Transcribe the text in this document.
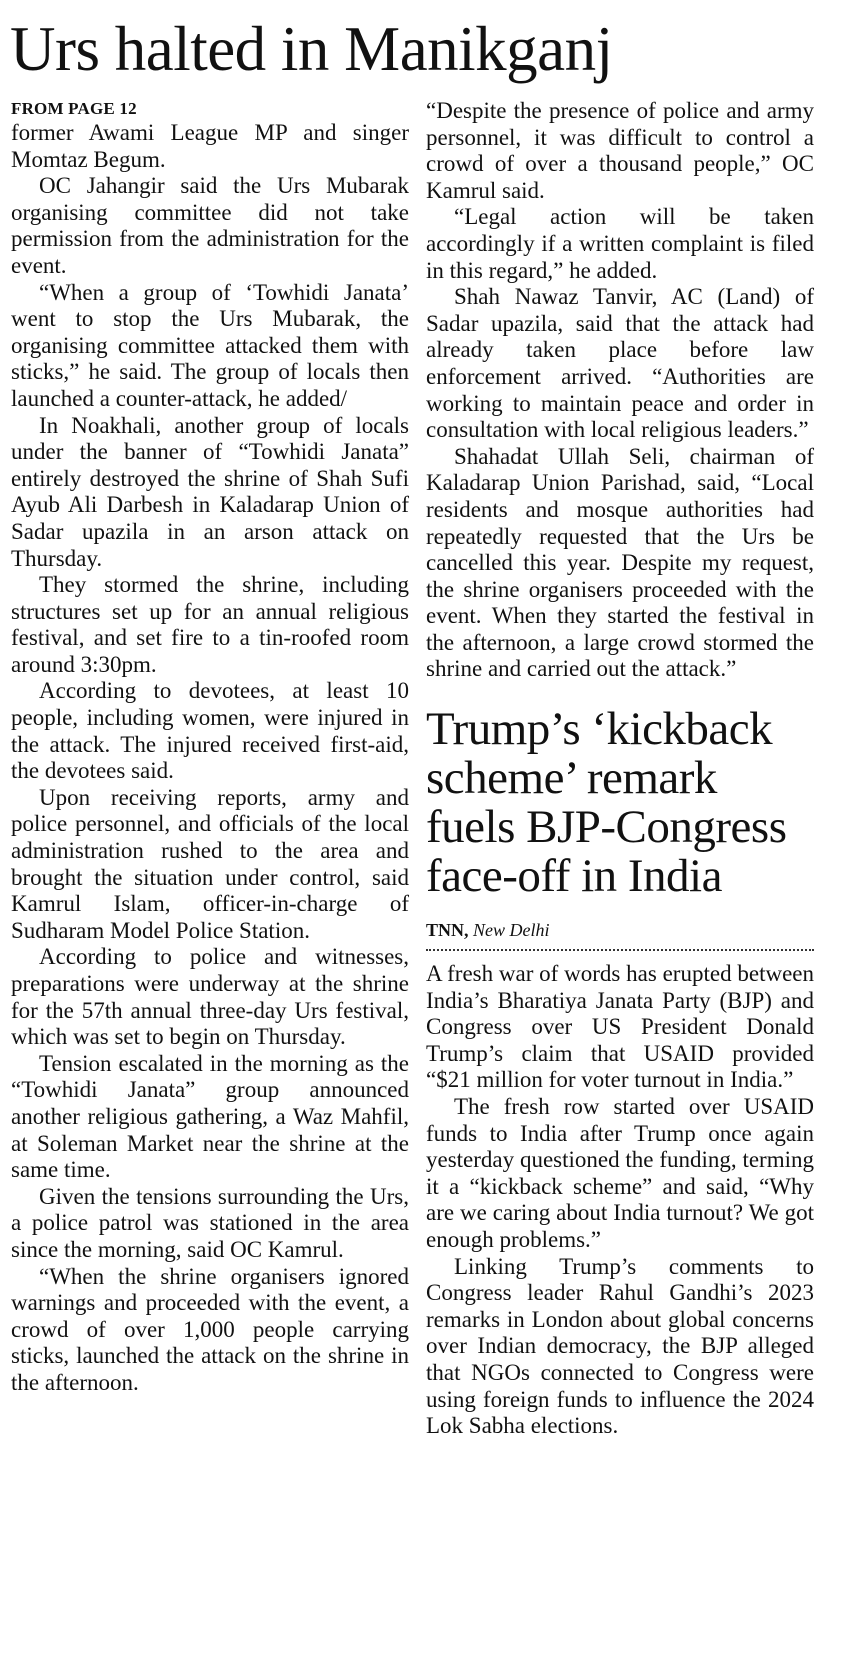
Urs halted in Manikganj
FROM PAGE 12

former Awami League MP and singer Momtaz Begum.

OC Jahangir said the Urs Mubarak organising committee did not take permission from the administration for the event.

“When a group of ‘Towhidi Janata’ went to stop the Urs Mubarak, the organising committee attacked them with sticks,” he said. The group of locals then launched a counter-attack, he added/

In Noakhali, another group of locals under the banner of “Towhidi Janata” entirely destroyed the shrine of Shah Sufi Ayub Ali Darbesh in Kaladarap Union of Sadar upazila in an arson attack on Thursday.

They stormed the shrine, including structures set up for an annual religious festival, and set fire to a tin-roofed room around 3:30pm.

According to devotees, at least 10 people, including women, were injured in the attack. The injured received first-aid, the devotees said.

Upon receiving reports, army and police personnel, and officials of the local administration rushed to the area and brought the situation under control, said Kamrul Islam, officer-in-charge of Sudharam Model Police Station.

According to police and witnesses, preparations were underway at the shrine for the 57th annual three-day Urs festival, which was set to begin on Thursday.

Tension escalated in the morning as the “Towhidi Janata” group announced another religious gathering, a Waz Mahfil, at Soleman Market near the shrine at the same time.

Given the tensions surrounding the Urs, a police patrol was stationed in the area since the morning, said OC Kamrul.

“When the shrine organisers ignored warnings and proceeded with the event, a crowd of over 1,000 people carrying sticks, launched the attack on the shrine in the afternoon.

“Despite the presence of police and army personnel, it was difficult to control a crowd of over a thousand people,” OC Kamrul said.

“Legal action will be taken accordingly if a written complaint is filed in this regard,” he added.

Shah Nawaz Tanvir, AC (Land) of Sadar upazila, said that the attack had already taken place before law enforcement arrived. “Authorities are working to maintain peace and order in consultation with local religious leaders.”

Shahadat Ullah Seli, chairman of Kaladarap Union Parishad, said, “Local residents and mosque authorities had repeatedly requested that the Urs be cancelled this year. Despite my request, the shrine organisers proceeded with the event. When they started the festival in the afternoon, a large crowd stormed the shrine and carried out the attack.”

Trump’s ‘kickback scheme’ remark fuels BJP-Congress face-off in India
TNN, New Delhi

A fresh war of words has erupted between India’s Bharatiya Janata Party (BJP) and Congress over US President Donald Trump’s claim that USAID provided “$21 million for voter turnout in India.”

The fresh row started over USAID funds to India after Trump once again yesterday questioned the funding, terming it a “kickback scheme” and said, “Why are we caring about India turnout? We got enough problems.”

Linking Trump’s comments to Congress leader Rahul Gandhi’s 2023 remarks in London about global concerns over Indian democracy, the BJP alleged that NGOs connected to Congress were using foreign funds to influence the 2024 Lok Sabha elections.
